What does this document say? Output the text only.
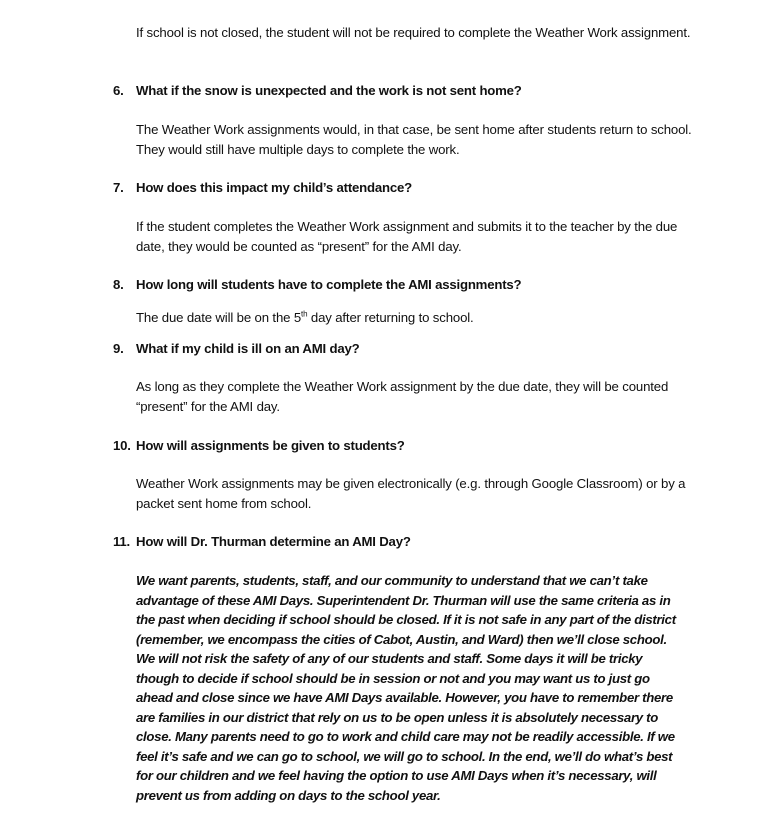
If school is not closed, the student will not be required to complete the Weather Work assignment.
6. What if the snow is unexpected and the work is not sent home?
The Weather Work assignments would, in that case, be sent home after students return to school. They would still have multiple days to complete the work.
7. How does this impact my child’s attendance?
If the student completes the Weather Work assignment and submits it to the teacher by the due date, they would be counted as “present” for the AMI day.
8. How long will students have to complete the AMI assignments?
The due date will be on the 5th day after returning to school.
9. What if my child is ill on an AMI day?
As long as they complete the Weather Work assignment by the due date, they will be counted “present” for the AMI day.
10. How will assignments be given to students?
Weather Work assignments may be given electronically (e.g. through Google Classroom) or by a packet sent home from school.
11. How will Dr. Thurman determine an AMI Day?
We want parents, students, staff, and our community to understand that we can’t take advantage of these AMI Days. Superintendent Dr. Thurman will use the same criteria as in the past when deciding if school should be closed. If it is not safe in any part of the district (remember, we encompass the cities of Cabot, Austin, and Ward) then we’ll close school. We will not risk the safety of any of our students and staff. Some days it will be tricky though to decide if school should be in session or not and you may want us to just go ahead and close since we have AMI Days available. However, you have to remember there are families in our district that rely on us to be open unless it is absolutely necessary to close. Many parents need to go to work and child care may not be readily accessible. If we feel it’s safe and we can go to school, we will go to school. In the end, we’ll do what’s best for our children and we feel having the option to use AMI Days when it’s necessary, will prevent us from adding on days to the school year.
